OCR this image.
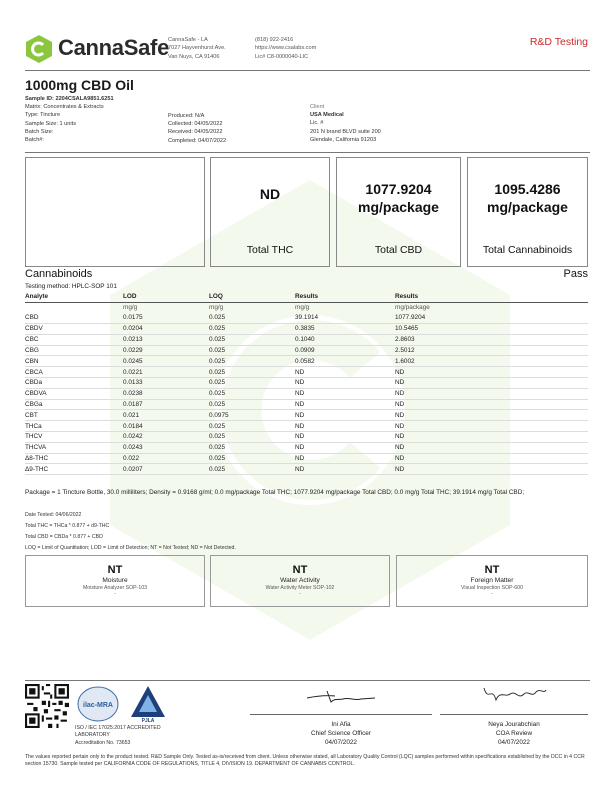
CannaSafe
CannaSafe - LA
7027 Hayvenhurst Ave.
Van Nuys, CA 91406
(818) 922-2416
https://www.csalabs.com
Lic# C8-0000040-LIC
R&D Testing
1000mg CBD Oil
Sample ID: 2204CSALA9851.6251
Matrix: Concentrates & Extracts
Type: Tincture
Sample Size: 1 units
Batch Size:
Batch#:
Produced: N/A
Collected: 04/05/2022
Received: 04/05/2022
Completed: 04/07/2022
Client
USA Medical
Lic. #
201 N brand BLVD suite 200
Glendale, California 91203
ND
Total THC
1077.9204 mg/package
Total CBD
1095.4286 mg/package
Total Cannabinoids
Cannabinoids	Pass
Testing method: HPLC-SOP 101
Analyte	LOD	LOQ	Results	Results
	mg/g	mg/g	mg/g	mg/package
CBD	0.0175	0.025	39.1914	1077.9204
CBDV	0.0204	0.025	0.3835	10.5465
CBC	0.0213	0.025	0.1040	2.8603
CBG	0.0229	0.025	0.0909	2.5012
CBN	0.0245	0.025	0.0582	1.6002
CBCA	0.0221	0.025	ND	ND
CBDa	0.0133	0.025	ND	ND
CBDVA	0.0238	0.025	ND	ND
CBGa	0.0187	0.025	ND	ND
CBT	0.021	0.0975	ND	ND
THCa	0.0184	0.025	ND	ND
THCV	0.0242	0.025	ND	ND
THCVA	0.0243	0.025	ND	ND
Δ8-THC	0.022	0.025	ND	ND
Δ9-THC	0.0207	0.025	ND	ND
Package = 1 Tincture Bottle, 30.0 milliliters; Density = 0.9168 g/ml; 0.0 mg/package Total THC; 1077.9204 mg/package Total CBD; 0.0 mg/g Total THC; 39.1914 mg/g Total CBD;
Date Tested: 04/06/2022
Total THC = THCa * 0.877 + d9-THC
Total CBD = CBDa * 0.877 + CBD
LOQ = Limit of Quantitation; LOD = Limit of Detection; NT = Not Tested; ND = Not Detected.
NT
Moisture
Moisture Analyzer SOP-103
-
NT
Water Activity
Water Activity Meter SOP-102
-
NT
Foreign Matter
Visual Inspection SOP-600
-
ilac-MRA
PJLA
ISO / IEC 17025:2017 ACCREDITED
LABORATORY
Accreditation No. 73653
Ini Afia
Chief Science Officer
04/07/2022
Neya Jourabchian
COA Review
04/07/2022
The values reported pertain only to the product tested. R&D Sample Only. Tested as-is/received from client. Unless otherwise stated, all Laboratory Quality Control (LQC) samples performed within specifications established by the DCC in 4 CCR section 15730. Sample tested per CALIFORNIA CODE OF REGULATIONS, TITLE 4, DIVISION 19. DEPARTMENT OF CANNABIS CONTROL.
